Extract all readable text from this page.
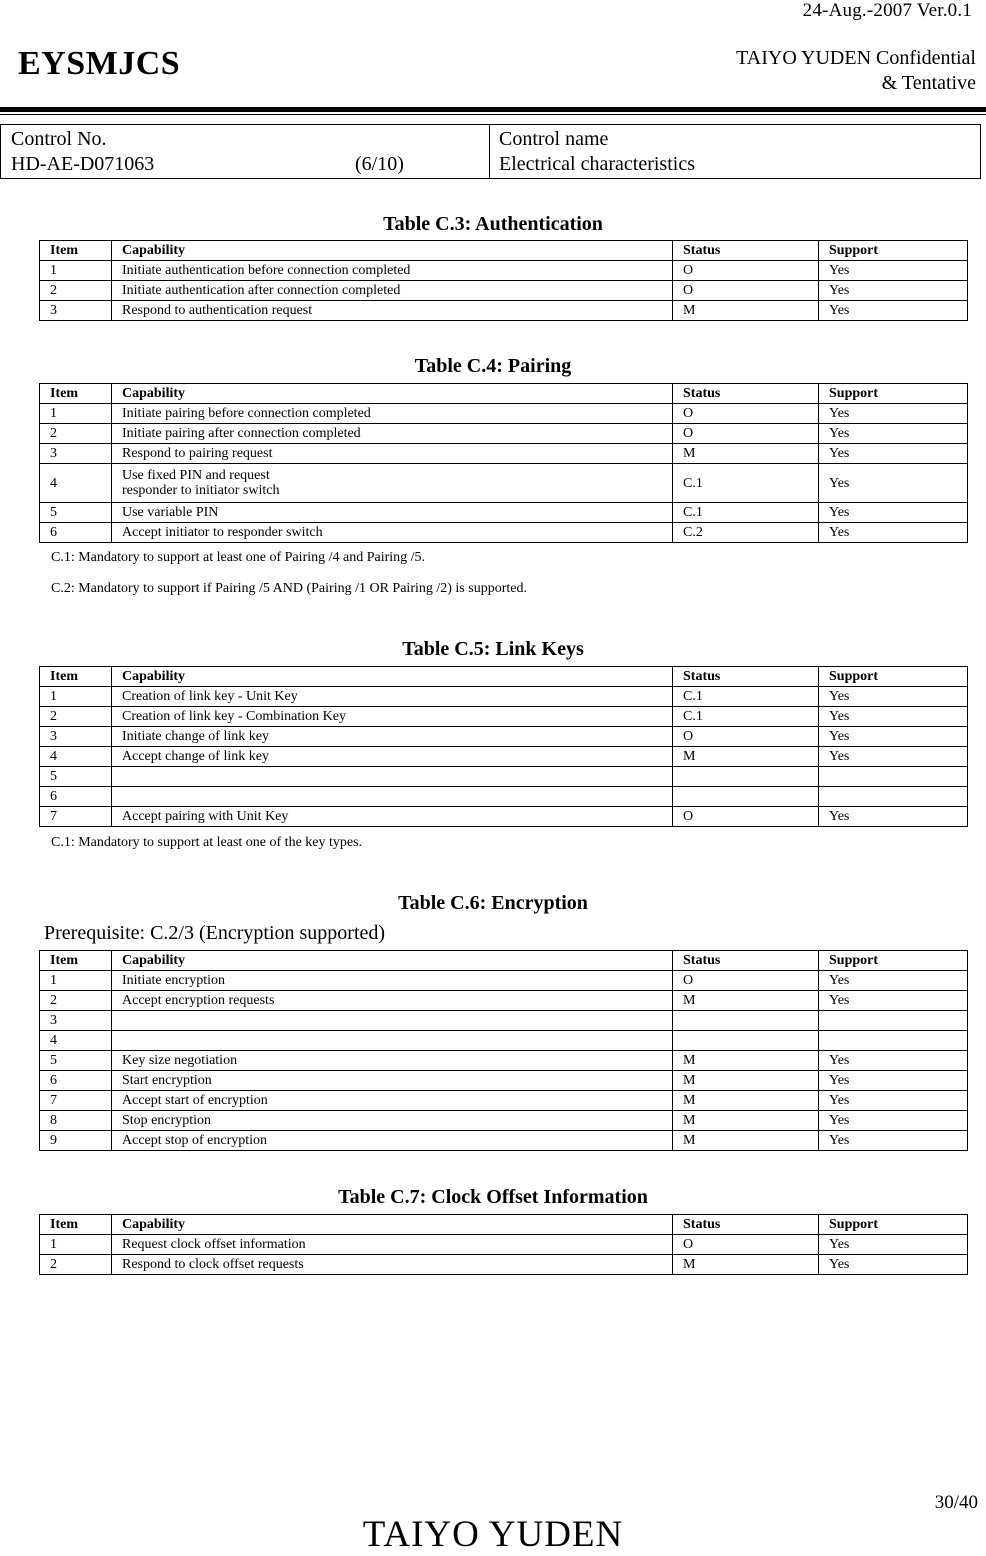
24-Aug.-2007 Ver.0.1
EYSMJCS	TAIYO YUDEN Confidential
& Tentative
Control No.
HD-AE-D071063	(6/10)
Control name
Electrical characteristics
Table C.3: Authentication
Item	Capability	Status	Support
1	Initiate authentication before connection completed	O	Yes
2	Initiate authentication after connection completed	O	Yes
3	Respond to authentication request	M	Yes
Table C.4: Pairing
Item	Capability	Status	Support
1	Initiate pairing before connection completed	O	Yes
2	Initiate pairing after connection completed	O	Yes
3	Respond to pairing request	M	Yes

4	Use fixed PIN and request
responder to initiator switch	C.1	Yes

5	Use variable PIN	C.1	Yes
6	Accept initiator to responder switch	C.2	Yes
C.1: Mandatory to support at least one of Pairing /4 and Pairing /5.
C.2: Mandatory to support if Pairing /5 AND (Pairing /1 OR Pairing /2) is supported.
Table C.5: Link Keys
Item	Capability	Status	Support
1	Creation of link key - Unit Key	C.1	Yes
2	Creation of link key - Combination Key	C.1	Yes
3	Initiate change of link key	O	Yes
4	Accept change of link key	M	Yes
5			
6			
7	Accept pairing with Unit Key	O	Yes
C.1: Mandatory to support at least one of the key types.
Table C.6: Encryption
Prerequisite: C.2/3 (Encryption supported)
Item	Capability	Status	Support
1	Initiate encryption	O	Yes
2	Accept encryption requests	M	Yes
3			
4			
5	Key size negotiation	M	Yes
6	Start encryption	M	Yes
7	Accept start of encryption	M	Yes
8	Stop encryption	M	Yes
9	Accept stop of encryption	M	Yes
Table C.7: Clock Offset Information
Item	Capability	Status	Support
1	Request clock offset information	O	Yes
2	Respond to clock offset requests	M	Yes
30/40
TAIYO YUDEN
